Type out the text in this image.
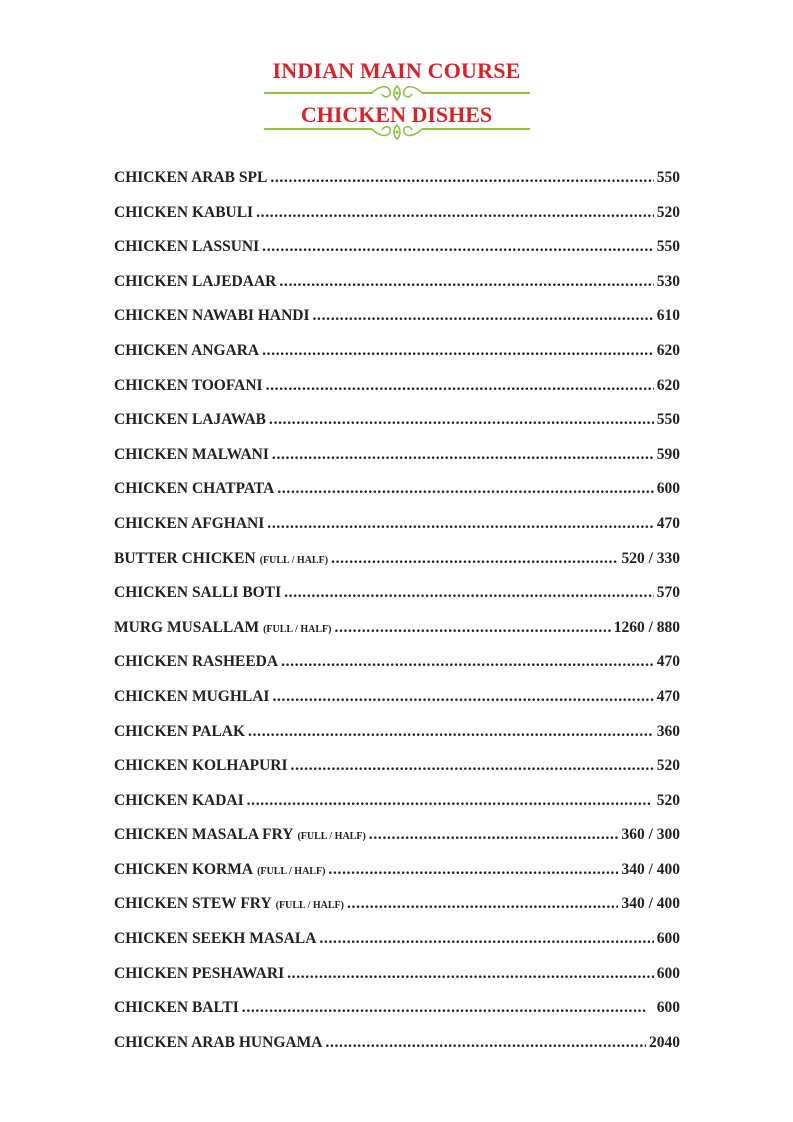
INDIAN MAIN COURSE
CHICKEN DISHES
CHICKEN ARAB SPL . . .	550
CHICKEN KABULI . . .	520
CHICKEN LASSUNI . . .	550
CHICKEN LAJEDAAR . . .	530
CHICKEN NAWABI HANDI . . .	610
CHICKEN ANGARA . . .	620
CHICKEN TOOFANI . . .	620
CHICKEN LAJAWAB . . .	550
CHICKEN MALWANI . . .	590
CHICKEN CHATPATA . . .	600
CHICKEN AFGHANI . . .	470
BUTTER CHICKEN (FULL / HALF) . . .	520 / 330
CHICKEN SALLI BOTI . . .	570
MURG MUSALLAM (FULL / HALF) . . .	1260 / 880
CHICKEN RASHEEDA . . .	470
CHICKEN MUGHLAI . . .	470
CHICKEN PALAK . . .	360
CHICKEN KOLHAPURI . . .	520
CHICKEN KADAI . . .	520
CHICKEN MASALA FRY (FULL / HALF) . . .	360 / 300
CHICKEN KORMA (FULL / HALF) . . .	340 / 400
CHICKEN STEW FRY (FULL / HALF) . . .	340 / 400
CHICKEN SEEKH MASALA . . .	600
CHICKEN PESHAWARI . . .	600
CHICKEN BALTI . . .	600
CHICKEN ARAB HUNGAMA . . .	2040
